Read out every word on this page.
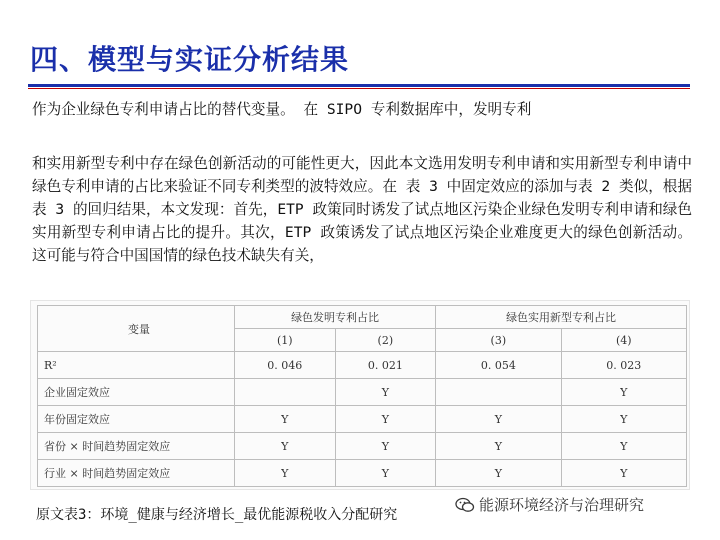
四、模型与实证分析结果

作为企业绿色专利申请占比的替代变量。 在 SIPO 专利数据库中，发明专利

和实用新型专利中存在绿色创新活动的可能性更大，因此本文选用发明专利申请和实用新型专利申请中绿色专利申请的占比来验证不同专利类型的波特效应。在 表 3 中固定效应的添加与表 2 类似，根据表 3 的回归结果，本文发现：首先，ETP 政策同时诱发了试点地区污染企业绿色发明专利申请和绿色实用新型专利申请占比的提升。其次，ETP 政策诱发了试点地区污染企业难度更大的绿色创新活动。这可能与符合中国国情的绿色技术缺失有关，

变量	绿色发明专利占比		绿色实用新型专利占比	
	(1)	(2)	(3)	(4)
R²	0. 046	0. 021	0. 054	0. 023
企业固定效应		Y		Y
年份固定效应	Y	Y	Y	Y
省份 × 时间趋势固定效应	Y	Y	Y	Y
行业 × 时间趋势固定效应	Y	Y	Y	Y

原文表3：环境_健康与经济增长_最优能源税收入分配研究

能源环境经济与治理研究
